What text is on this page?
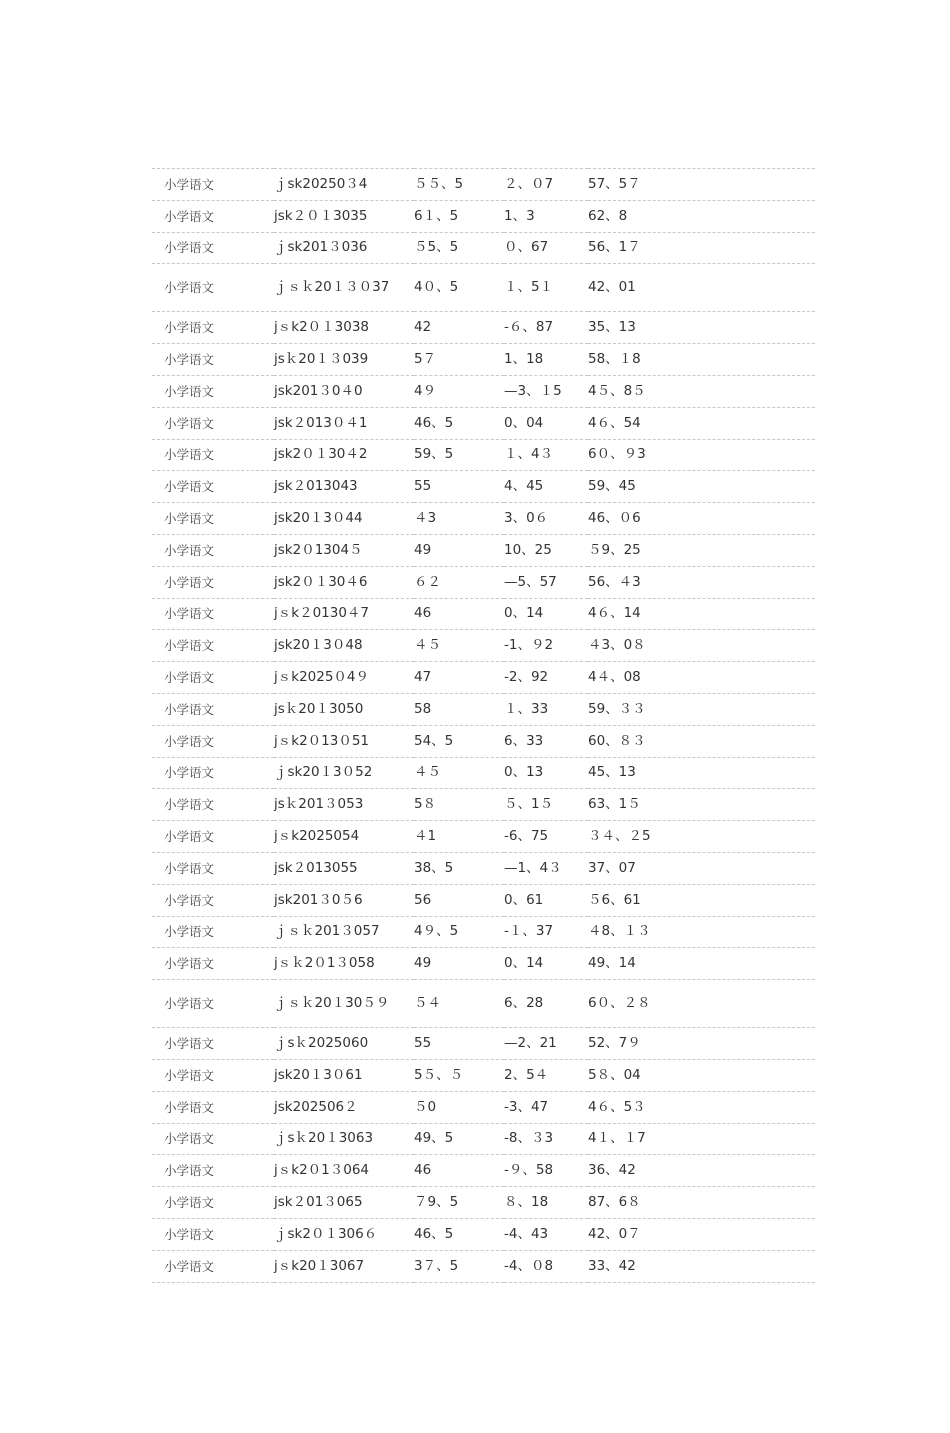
小学语文	ｊsk20250３4	５５、5	２、０7	57、5７
小学语文	jsk２０１3035	6１、5	1、3	62、8
小学语文	ｊsk201３036	５5、5	０、67	56、1７
小学语文	ｊｓｋ20１３０37	4０、5	１、5１	42、01
小学语文	jｓk2０１3038	42	-６、87	35、13
小学语文	jsｋ20１３039	5７	1、18	58、１8
小学语文	jsk201３0４0	4９	—3、１5	4５、8５
小学语文	jsk２013０４1	46、5	0、04	4６、54
小学语文	jsk2０１30４2	59、5	１、4３	6０、９3
小学语文	jsk２013043	55	4、45	59、45
小学语文	jsk20１3０44	４3	3、0６	46、０6
小学语文	jsk2０1304５	49	10、25	５9、25
小学语文	jsk2０１30４6	６２	—5、57	56、４3
小学语文	jｓk２0130４7	46	0、14	4６、14
小学语文	jsk20１3０48	４５	-1、９2	４3、0８
小学语文	jｓk2025０4９	47	-2、92	4４、08
小学语文	jsｋ20１3050	58	１、33	59、３３
小学语文	jｓk2０13０51	54、5	6、33	60、８３
小学语文	ｊsk20１3０52	４５	0、13	45、13
小学语文	jsｋ201３053	5８	５、1５	63、1５
小学语文	jｓk2025054	４1	-6、75	３４、２5
小学语文	jsk２013055	38、5	—1、4３	37、07
小学语文	jsk201３0５6	56	0、61	５6、61
小学语文	ｊｓｋ201３057	4９、5	-１、37	４8、１３
小学语文	jｓｋ2０1３058	49	0、14	49、14
小学语文	ｊｓｋ20１30５９	５４	6、28	6０、２８
小学语文	ｊsｋ2025060	55	—2、21	52、7９
小学语文	jsk20１3０61	5５、５	2、5４	5８、04
小学语文	jsk202506２	５0	-3、47	4６、5３
小学语文	ｊsｋ20１3063	49、5	-8、３3	4１、１7
小学语文	jｓk2０1３064	46	-９、58	36、42
小学语文	jsk２01３065	７9、5	８、18	87、6８
小学语文	ｊsk2０１306６	46、5	-4、43	42、0７
小学语文	jｓk20１3067	3７、5	-4、０8	33、42
